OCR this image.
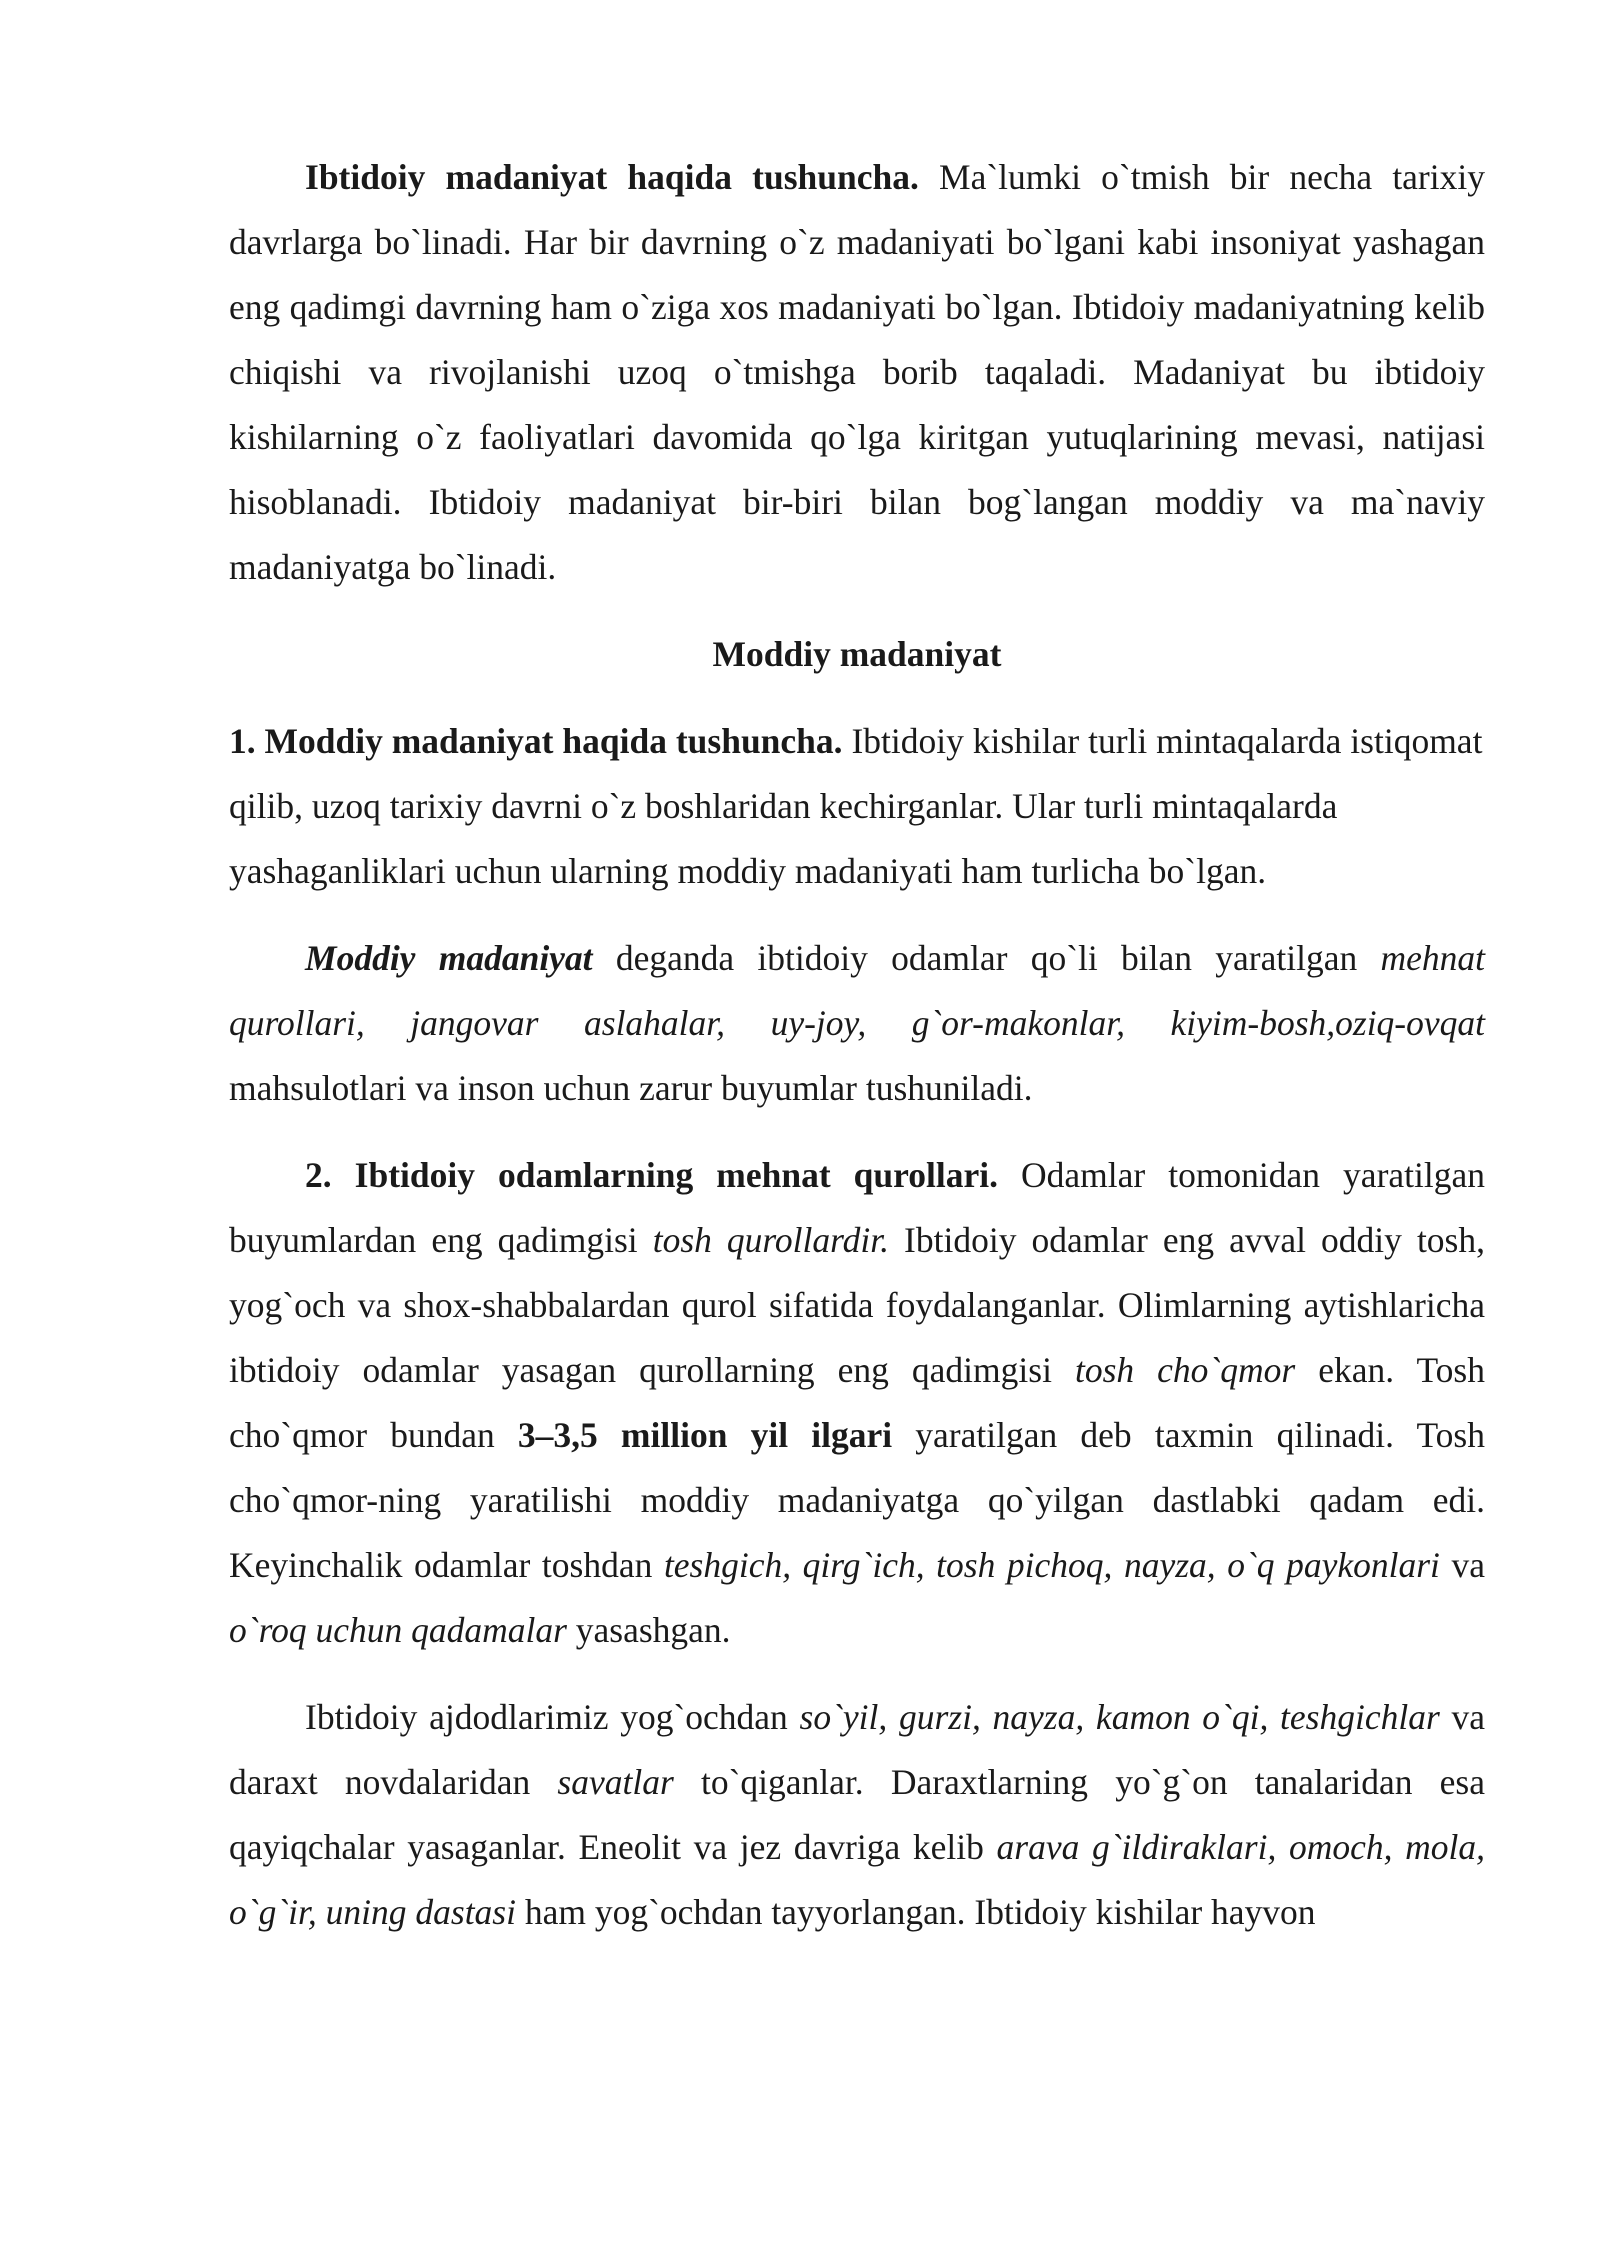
Ibtidoiy madaniyat haqida tushuncha. Ma`lumki o`tmish bir necha tarixiy davrlarga bo`linadi. Har bir davrning o`z madaniyati bo`lgani kabi insoniyat yashagan eng qadimgi davrning ham o`ziga xos madaniyati bo`lgan. Ibtidoiy madaniyatning kelib chiqishi va rivojlanishi uzoq o`tmishga borib taqaladi. Madaniyat bu ibtidoiy kishilarning o`z faoliyatlari davomida qo`lga kiritgan yutuqlarining mevasi, natijasi hisoblanadi. Ibtidoiy madaniyat bir-biri bilan bog`langan moddiy va ma`naviy madaniyatga bo`linadi.

Moddiy madaniyat

1. Moddiy madaniyat haqida tushuncha. Ibtidoiy kishilar turli mintaqalarda istiqomat qilib, uzoq tarixiy davrni o`z boshlaridan kechirganlar. Ular turli mintaqalarda yashaganliklari uchun ularning moddiy madaniyati ham turlicha bo`lgan.

Moddiy madaniyat deganda ibtidoiy odamlar qo`li bilan yaratilgan mehnat qurollari, jangovar aslahalar, uy-joy, g`or-makonlar, kiyim-bosh,oziq-ovqat mahsulotlari va inson uchun zarur buyumlar tushuniladi.

2. Ibtidoiy odamlarning mehnat qurollari. Odamlar tomonidan yaratilgan buyumlardan eng qadimgisi tosh qurollardir. Ibtidoiy odamlar eng avval oddiy tosh, yog`och va shox-shabbalardan qurol sifatida foydalanganlar. Olimlarning aytishlaricha ibtidoiy odamlar yasagan qurollarning eng qadimgisi tosh cho`qmor ekan. Tosh cho`qmor bundan 3–3,5 million yil ilgari yaratilgan deb taxmin qilinadi. Tosh cho`qmor-ning yaratilishi moddiy madaniyatga qo`yilgan dastlabki qadam edi. Keyinchalik odamlar toshdan teshgich, qirg`ich, tosh pichoq, nayza, o`q paykonlari va o`roq uchun qadamalar yasashgan.

Ibtidoiy ajdodlarimiz yog`ochdan so`yil, gurzi, nayza, kamon o`qi, teshgichlar va daraxt novdalaridan savatlar to`qiganlar. Daraxtlarning yo`g`on tanalaridan esa qayiqchalar yasaganlar. Eneolit va jez davriga kelib arava g`ildiraklari, omoch, mola, o`g`ir, uning dastasi ham yog`ochdan tayyorlangan. Ibtidoiy kishilar hayvon
